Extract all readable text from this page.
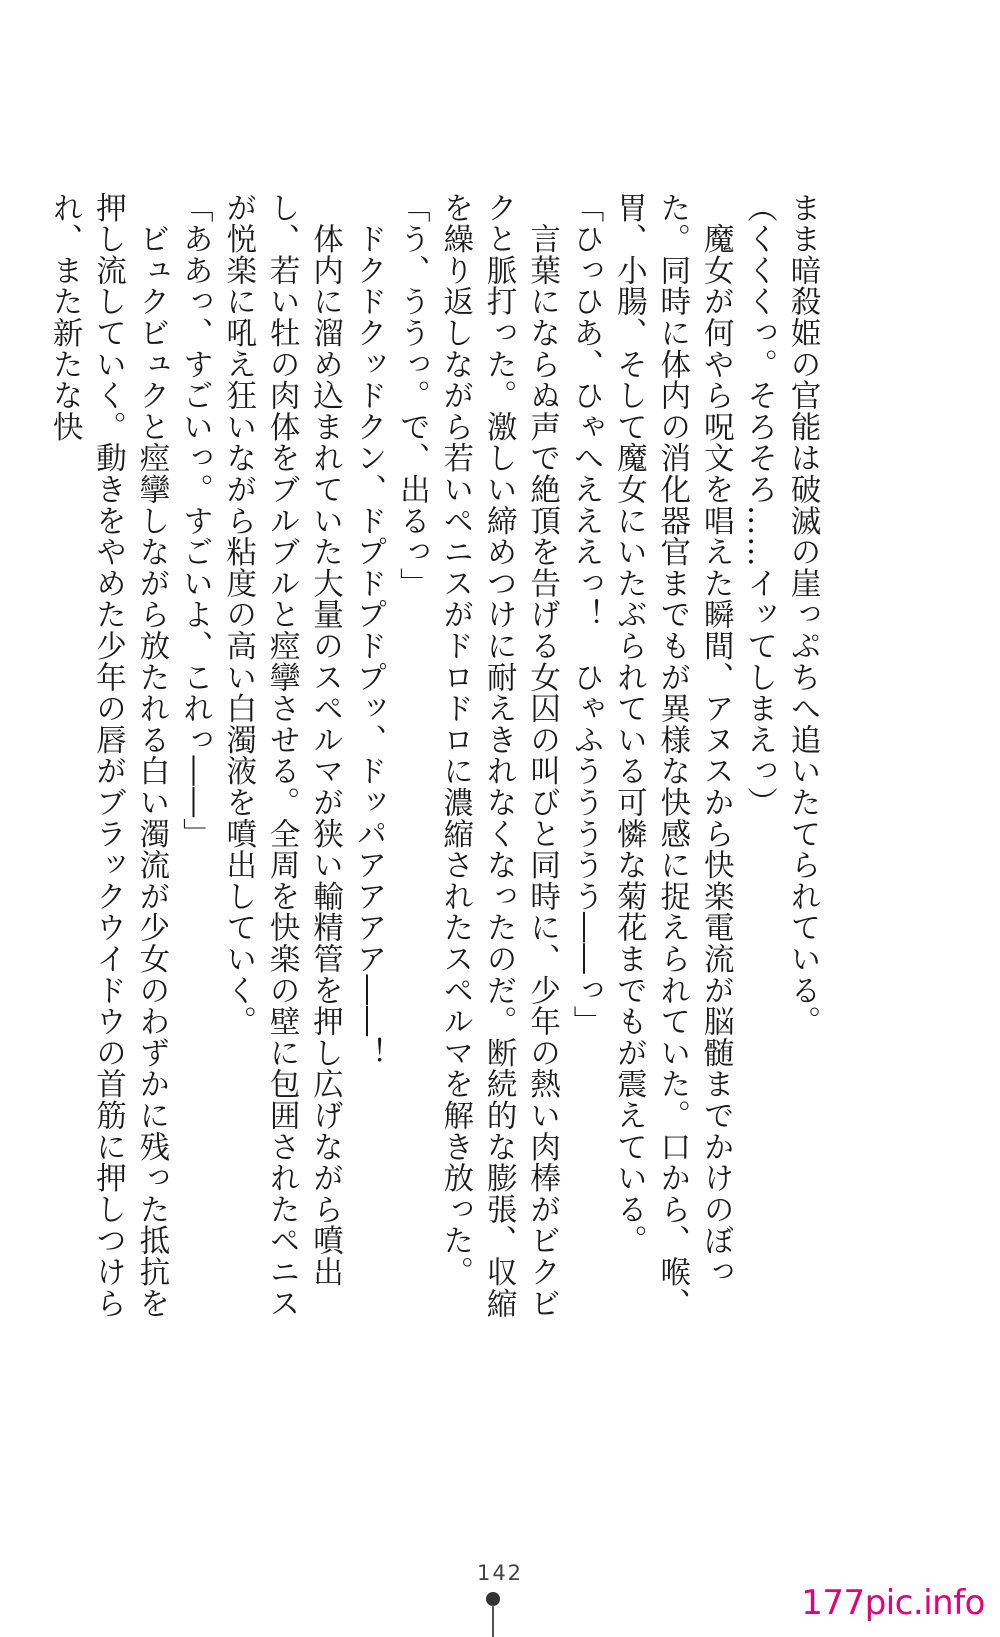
まま暗殺姫の官能は破滅の崖っぷちへ追いたてられている。

（くくくっ。そろそろ……イッてしまえっ）

　魔女が何やら呪文を唱えた瞬間、アヌスから快楽電流が脳髄までかけのぼった。同時に体内の消化器官までもが異様な快感に捉えられていた。口から、喉、胃、小腸、そして魔女にいたぶられている可憐な菊花までもが震えている。

「ひっひあ、ひゃへえええっ！　ひゃふううううう――っ」

　言葉にならぬ声で絶頂を告げる女囚の叫びと同時に、少年の熱い肉棒がビクビクと脈打った。激しい締めつけに耐えきれなくなったのだ。断続的な膨張、収縮を繰り返しながら若いペニスがドロドロに濃縮されたスペルマを解き放った。

「う、ううっ。で、出るっ」

　ドクドクッドクン、ドプドプドプッ、ドッパアアアア――！

　体内に溜め込まれていた大量のスペルマが狭い輸精管を押し広げながら噴出し、若い牡の肉体をブルブルと痙攣させる。全周を快楽の壁に包囲されたペニスが悦楽に吼え狂いながら粘度の高い白濁液を噴出していく。

「ああっ、すごいっ。すごいよ、これっ――」

　ビュクビュクと痙攣しながら放たれる白い濁流が少女のわずかに残った抵抗を押し流していく。動きをやめた少年の唇がブラックウイドウの首筋に押しつけられ、また新たな快

142
177pic.info
